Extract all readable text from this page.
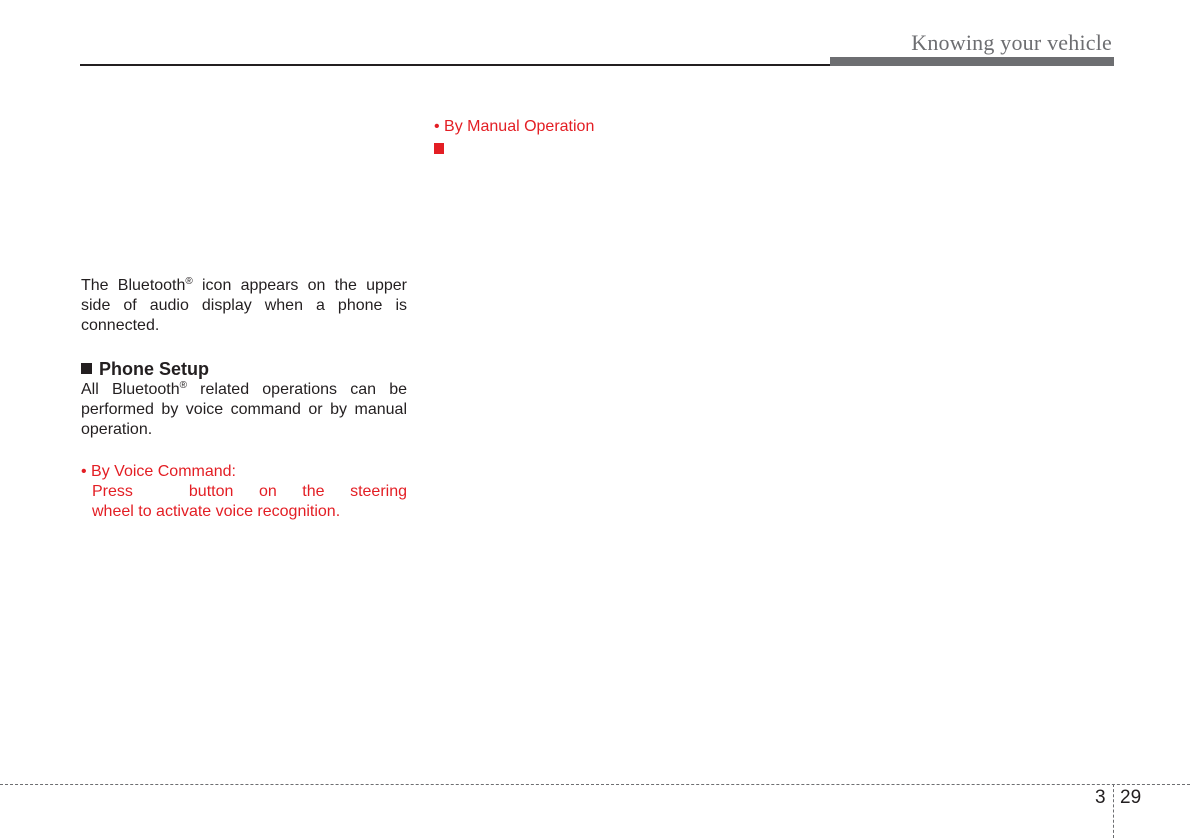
Knowing your vehicle

The Bluetooth® icon appears on the upper side of audio display when a phone is connected.

Phone Setup

All Bluetooth® related operations can be performed by voice command or by manual operation.

• By Voice Command:
Press	button on the steering
wheel to activate voice recognition.
• By Manual Operation
3 29
